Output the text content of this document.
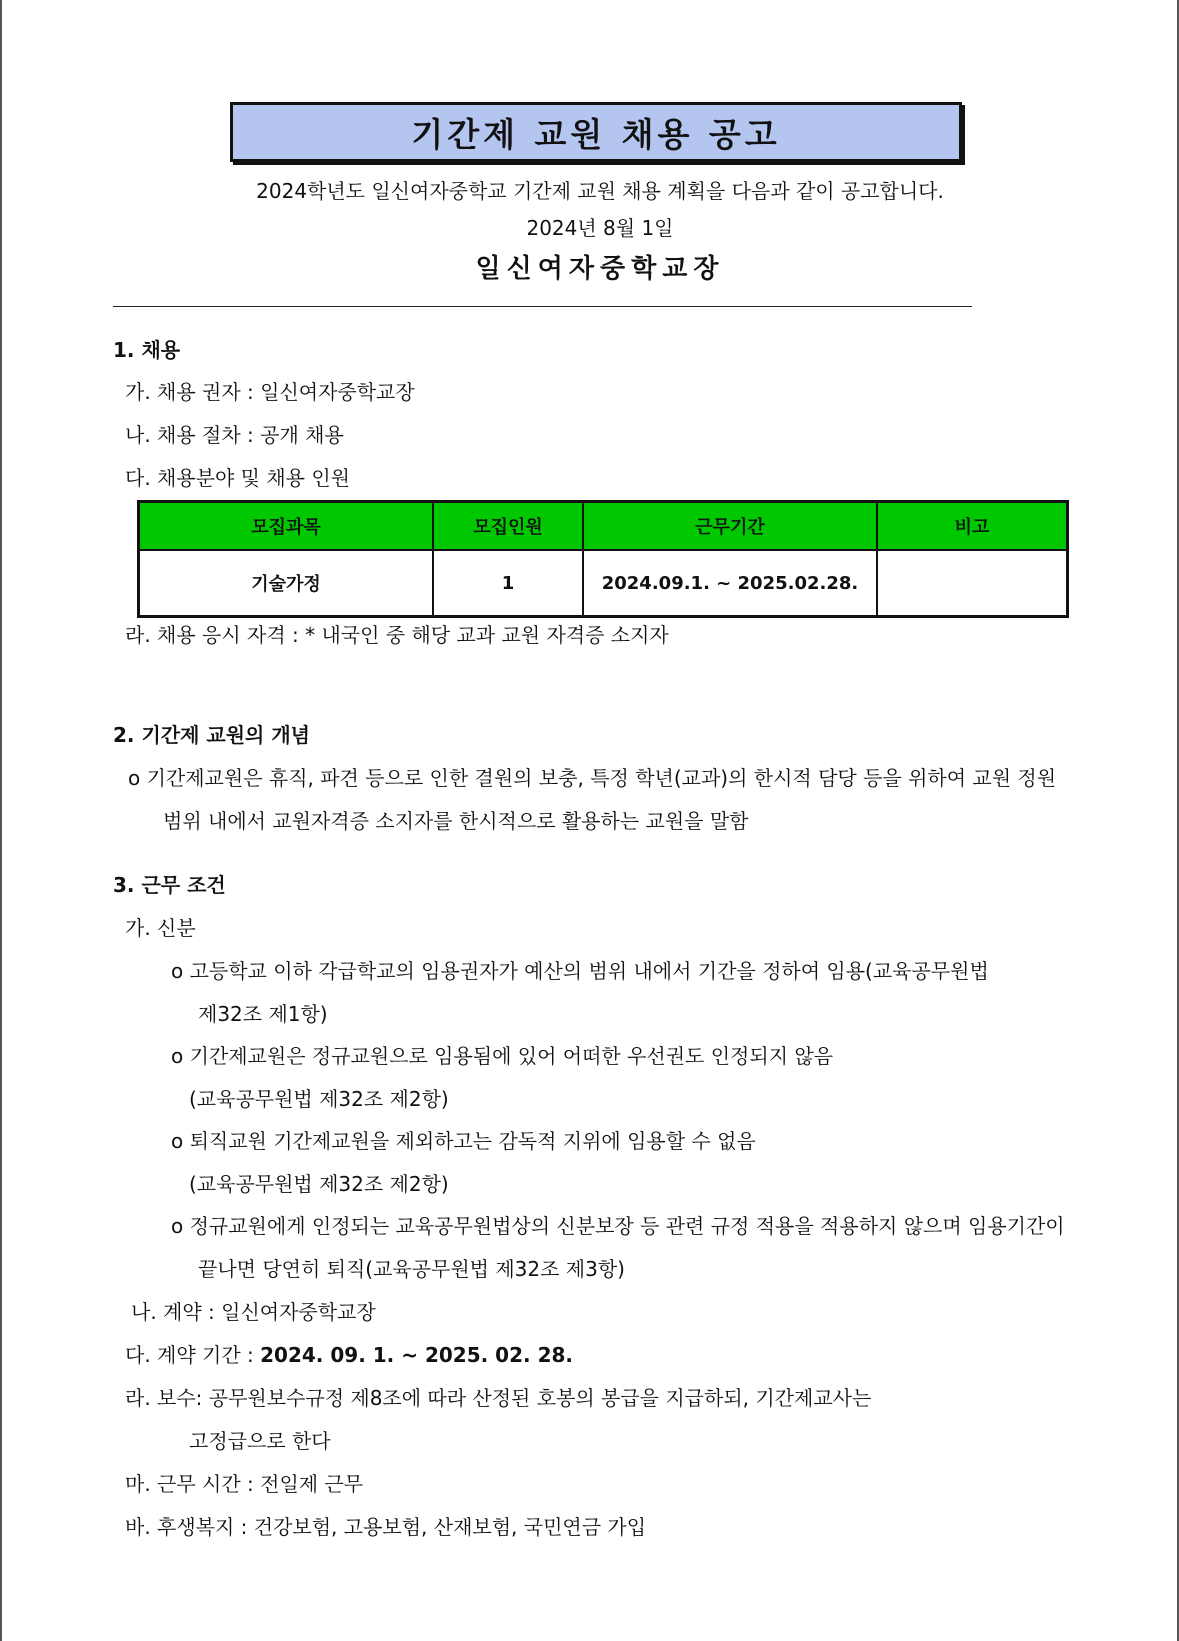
기간제 교원 채용 공고
2024학년도 일신여자중학교 기간제 교원 채용 계획을 다음과 같이 공고합니다.
2024년 8월 1일
일신여자중학교장
1. 채용
가. 채용 권자 : 일신여자중학교장
나. 채용 절차 : 공개 채용
다. 채용분야 및 채용 인원
모집과목	모집인원	근무기간	비고
기술가정	1	2024.09.1. ~ 2025.02.28.	
라. 채용 응시 자격 : * 내국인 중 해당 교과 교원 자격증 소지자
2. 기간제 교원의 개념
o 기간제교원은 휴직, 파견 등으로 인한 결원의 보충, 특정 학년(교과)의 한시적 담당 등을 위하여 교원 정원
범위 내에서 교원자격증 소지자를 한시적으로 활용하는 교원을 말함
3. 근무 조건
가. 신분
o 고등학교 이하 각급학교의 임용권자가 예산의 범위 내에서 기간을 정하여 임용(교육공무원법
제32조 제1항)
o 기간제교원은 정규교원으로 임용됨에 있어 어떠한 우선권도 인정되지 않음
(교육공무원법 제32조 제2항)
o 퇴직교원 기간제교원을 제외하고는 감독적 지위에 임용할 수 없음
(교육공무원법 제32조 제2항)
o 정규교원에게 인정되는 교육공무원법상의 신분보장 등 관련 규정 적용을 적용하지 않으며 임용기간이
끝나면 당연히 퇴직(교육공무원법 제32조 제3항)
나. 계약 : 일신여자중학교장
다. 계약 기간 : 2024. 09. 1. ~ 2025. 02. 28.
라. 보수: 공무원보수규정 제8조에 따라 산정된 호봉의 봉급을 지급하되, 기간제교사는
고정급으로 한다
마. 근무 시간 : 전일제 근무
바. 후생복지 : 건강보험, 고용보험, 산재보험, 국민연금 가입
